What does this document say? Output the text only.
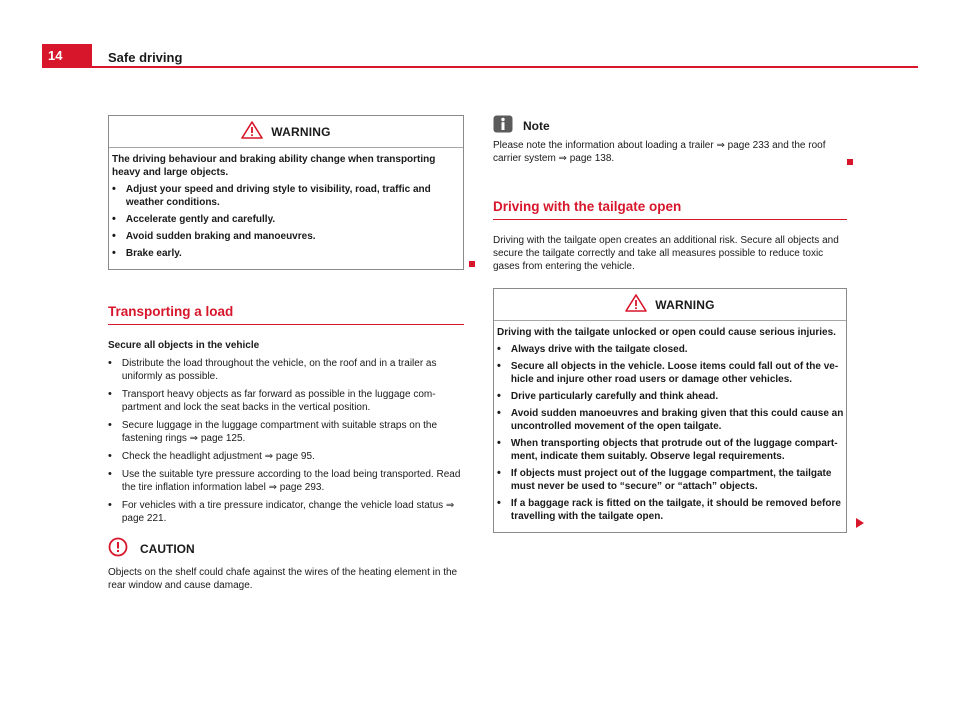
14	Safe driving
WARNING

The driving behaviour and braking ability change when transporting heavy and large objects.

• Adjust your speed and driving style to visibility, road, traffic and weather conditions.
• Accelerate gently and carefully.
• Avoid sudden braking and manoeuvres.
• Brake early.
Transporting a load

Secure all objects in the vehicle

• Distribute the load throughout the vehicle, on the roof and in a trailer as uniformly as possible.
• Transport heavy objects as far forward as possible in the luggage com-partment and lock the seat backs in the vertical position.
• Secure luggage in the luggage compartment with suitable straps on the fastening rings ⇒ page 125.
• Check the headlight adjustment ⇒ page 95.
• Use the suitable tyre pressure according to the load being transported. Read the tire inflation information label ⇒ page 293.
• For vehicles with a tire pressure indicator, change the vehicle load status ⇒ page 221.
CAUTION

Objects on the shelf could chafe against the wires of the heating element in the rear window and cause damage.

Note

Please note the information about loading a trailer ⇒ page 233 and the roof carrier system ⇒ page 138.

Driving with the tailgate open

Driving with the tailgate open creates an additional risk. Secure all objects and secure the tailgate correctly and take all measures possible to reduce toxic gases from entering the vehicle.

WARNING

Driving with the tailgate unlocked or open could cause serious injuries.

• Always drive with the tailgate closed.
• Secure all objects in the vehicle. Loose items could fall out of the ve-hicle and injure other road users or damage other vehicles.
• Drive particularly carefully and think ahead.
• Avoid sudden manoeuvres and braking given that this could cause an uncontrolled movement of the open tailgate.
• When transporting objects that protrude out of the luggage compart-ment, indicate them suitably. Observe legal requirements.
• If objects must project out of the luggage compartment, the tailgate must never be used to “secure” or “attach” objects.
• If a baggage rack is fitted on the tailgate, it should be removed before travelling with the tailgate open.
